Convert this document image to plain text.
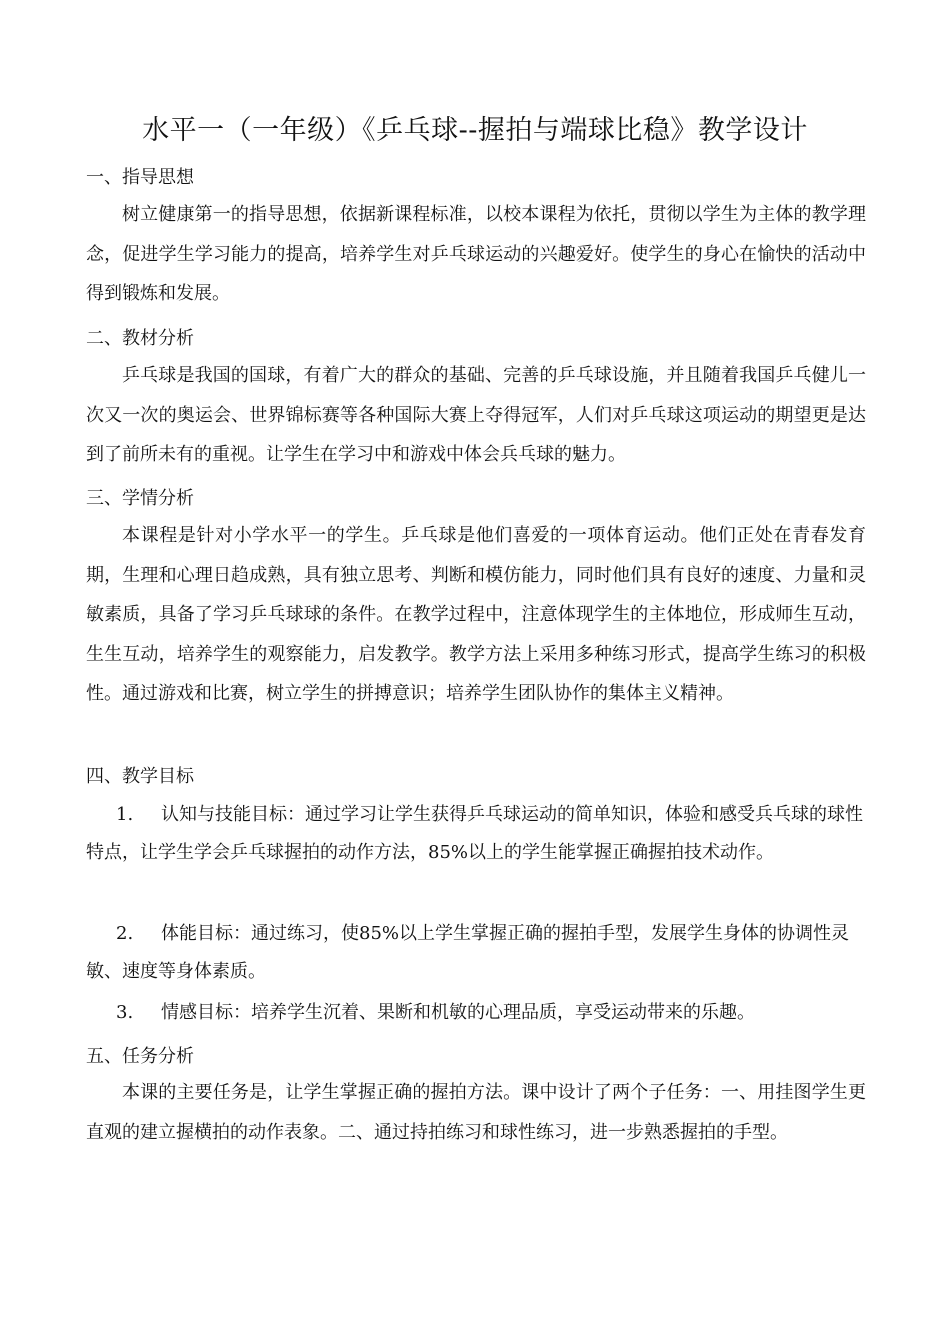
水平一（一年级）《乒乓球--握拍与端球比稳》教学设计
一、指导思想
树立健康第一的指导思想，依据新课程标准，以校本课程为依托，贯彻以学生为主体的教学理念，促进学生学习能力的提高，培养学生对乒乓球运动的兴趣爱好。使学生的身心在愉快的活动中得到锻炼和发展。
二、教材分析
乒乓球是我国的国球，有着广大的群众的基础、完善的乒乓球设施，并且随着我国乒乓健儿一次又一次的奥运会、世界锦标赛等各种国际大赛上夺得冠军，人们对乒乓球这项运动的期望更是达到了前所未有的重视。让学生在学习中和游戏中体会兵乓球的魅力。
三、学情分析
本课程是针对小学水平一的学生。乒乓球是他们喜爱的一项体育运动。他们正处在青春发育期，生理和心理日趋成熟，具有独立思考、判断和模仿能力，同时他们具有良好的速度、力量和灵敏素质，具备了学习乒乓球球的条件。在教学过程中，注意体现学生的主体地位，形成师生互动，生生互动，培养学生的观察能力，启发教学。教学方法上采用多种练习形式，提高学生练习的积极性。通过游戏和比赛，树立学生的拼搏意识；培养学生团队协作的集体主义精神。
四、教学目标
1. 认知与技能目标：通过学习让学生获得乒乓球运动的简单知识，体验和感受兵乓球的球性特点，让学生学会乒乓球握拍的动作方法，85%以上的学生能掌握正确握拍技术动作。
2. 体能目标：通过练习，使85%以上学生掌握正确的握拍手型，发展学生身体的协调性灵敏、速度等身体素质。
3. 情感目标：培养学生沉着、果断和机敏的心理品质，享受运动带来的乐趣。
五、任务分析
本课的主要任务是，让学生掌握正确的握拍方法。课中设计了两个子任务：一、用挂图学生更直观的建立握横拍的动作表象。二、通过持拍练习和球性练习，进一步熟悉握拍的手型。
